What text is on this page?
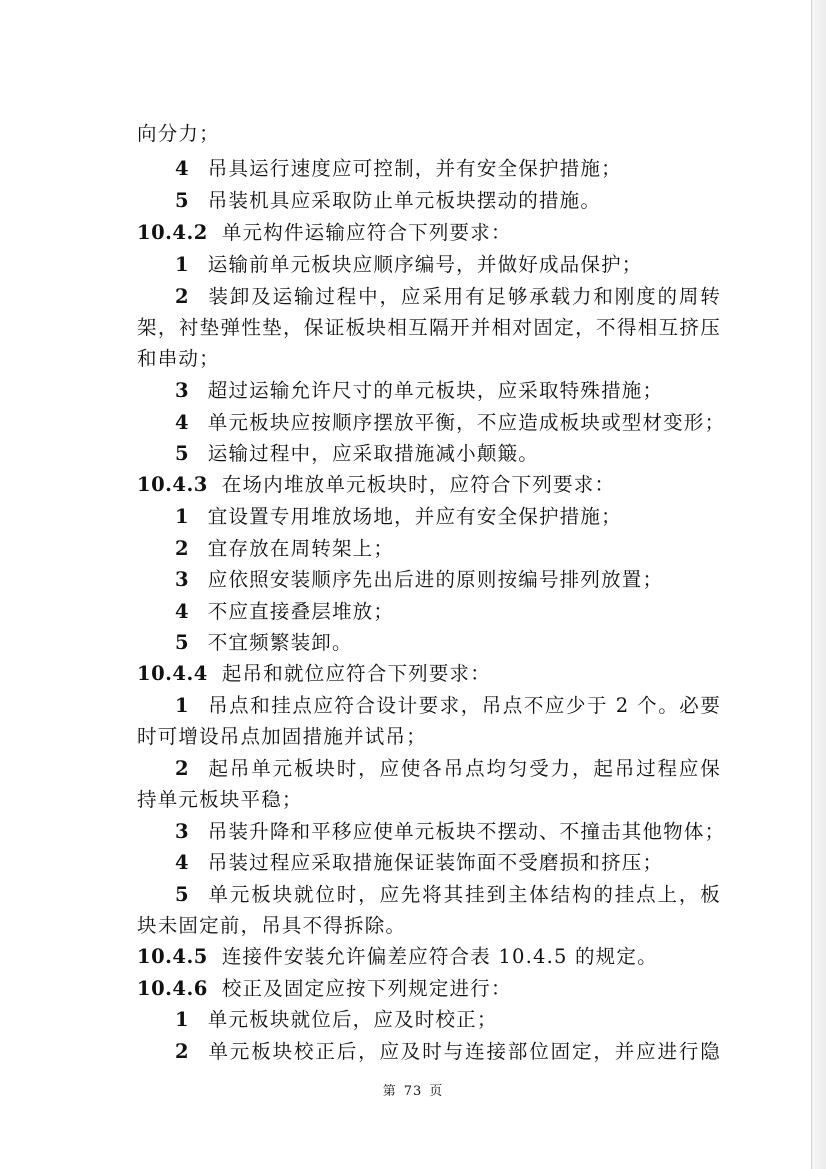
向分力；
4 吊具运行速度应可控制，并有安全保护措施；
5 吊装机具应采取防止单元板块摆动的措施。
10.4.2 单元构件运输应符合下列要求：
1 运输前单元板块应顺序编号，并做好成品保护；
2 装卸及运输过程中，应采用有足够承载力和刚度的周转
架，衬垫弹性垫，保证板块相互隔开并相对固定，不得相互挤压
和串动；
3 超过运输允许尺寸的单元板块，应采取特殊措施；
4 单元板块应按顺序摆放平衡，不应造成板块或型材变形；
5 运输过程中，应采取措施减小颠簸。
10.4.3 在场内堆放单元板块时，应符合下列要求：
1 宜设置专用堆放场地，并应有安全保护措施；
2 宜存放在周转架上；
3 应依照安装顺序先出后进的原则按编号排列放置；
4 不应直接叠层堆放；
5 不宜频繁装卸。
10.4.4 起吊和就位应符合下列要求：
1 吊点和挂点应符合设计要求，吊点不应少于 2 个。必要
时可增设吊点加固措施并试吊；
2 起吊单元板块时，应使各吊点均匀受力，起吊过程应保
持单元板块平稳；
3 吊装升降和平移应使单元板块不摆动、不撞击其他物体；
4 吊装过程应采取措施保证装饰面不受磨损和挤压；
5 单元板块就位时，应先将其挂到主体结构的挂点上，板
块未固定前，吊具不得拆除。
10.4.5 连接件安装允许偏差应符合表 10.4.5 的规定。
10.4.6 校正及固定应按下列规定进行：
1 单元板块就位后，应及时校正；
2 单元板块校正后，应及时与连接部位固定，并应进行隐
第 73 页
